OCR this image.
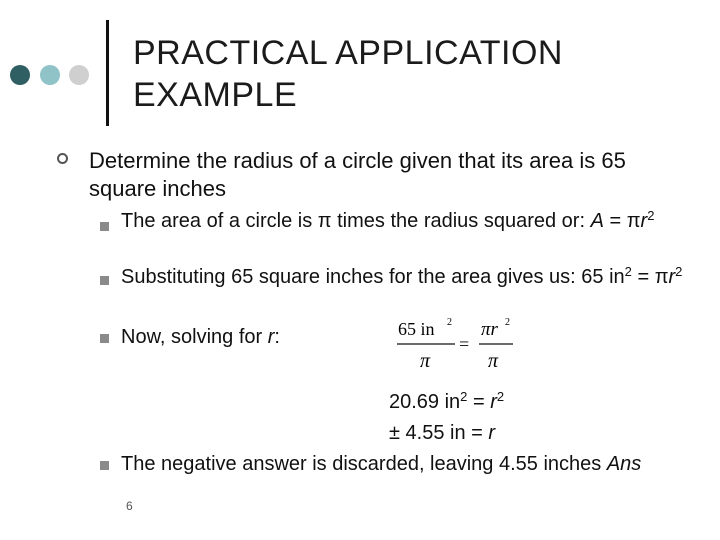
PRACTICAL APPLICATION
EXAMPLE
Determine the radius of a circle given that its area is 65 square inches
The area of a circle is π times the radius squared or: $A = \pi r^2$
Substituting 65 square inches for the area gives us: 65 $in^2 = \pi r^2$
Now, solving for r:	65 in 2
π
=
πr 2
π
20.69 $in^2 = r^2$
± 4.55 in = r
The negative answer is discarded, leaving 4.55 inches Ans
6
